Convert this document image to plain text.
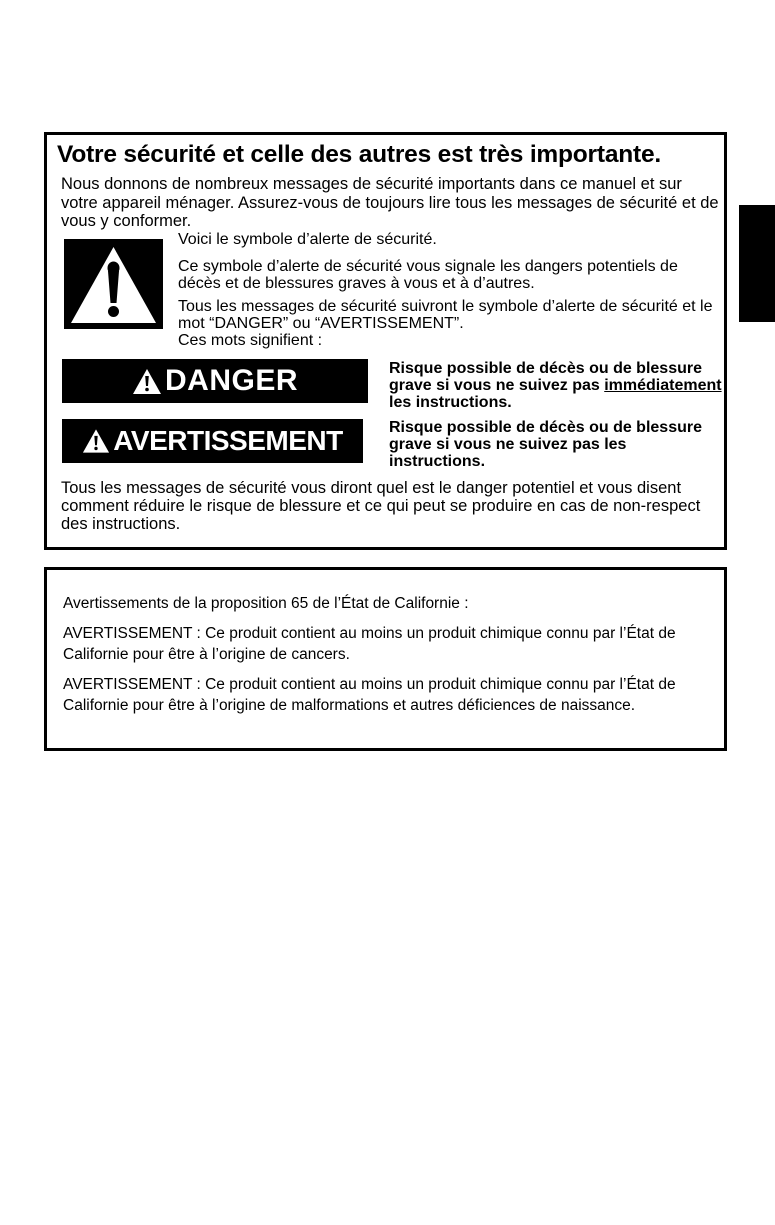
Votre sécurité et celle des autres est très importante.

Nous donnons de nombreux messages de sécurité importants dans ce manuel et sur votre appareil ménager. Assurez-vous de toujours lire tous les messages de sécurité et de vous y conformer.

Voici le symbole d’alerte de sécurité.

Ce symbole d’alerte de sécurité vous signale les dangers potentiels de décès et de blessures graves à vous et à d’autres.

Tous les messages de sécurité suivront le symbole d’alerte de sécurité et le mot “DANGER” ou “AVERTISSEMENT”.
Ces mots signifient :
DANGER	Risque possible de décès ou de blessure grave si vous ne suivez pas immédiatement les instructions.

AVERTISSEMENT	Risque possible de décès ou de blessure grave si vous ne suivez pas les instructions.

Tous les messages de sécurité vous diront quel est le danger potentiel et vous disent comment réduire le risque de blessure et ce qui peut se produire en cas de non-respect des instructions.

Avertissements de la proposition 65 de l’État de Californie :

AVERTISSEMENT : Ce produit contient au moins un produit chimique connu par l’État de Californie pour être à l’origine de cancers.

AVERTISSEMENT : Ce produit contient au moins un produit chimique connu par l’État de Californie pour être à l’origine de malformations et autres déficiences de naissance.
